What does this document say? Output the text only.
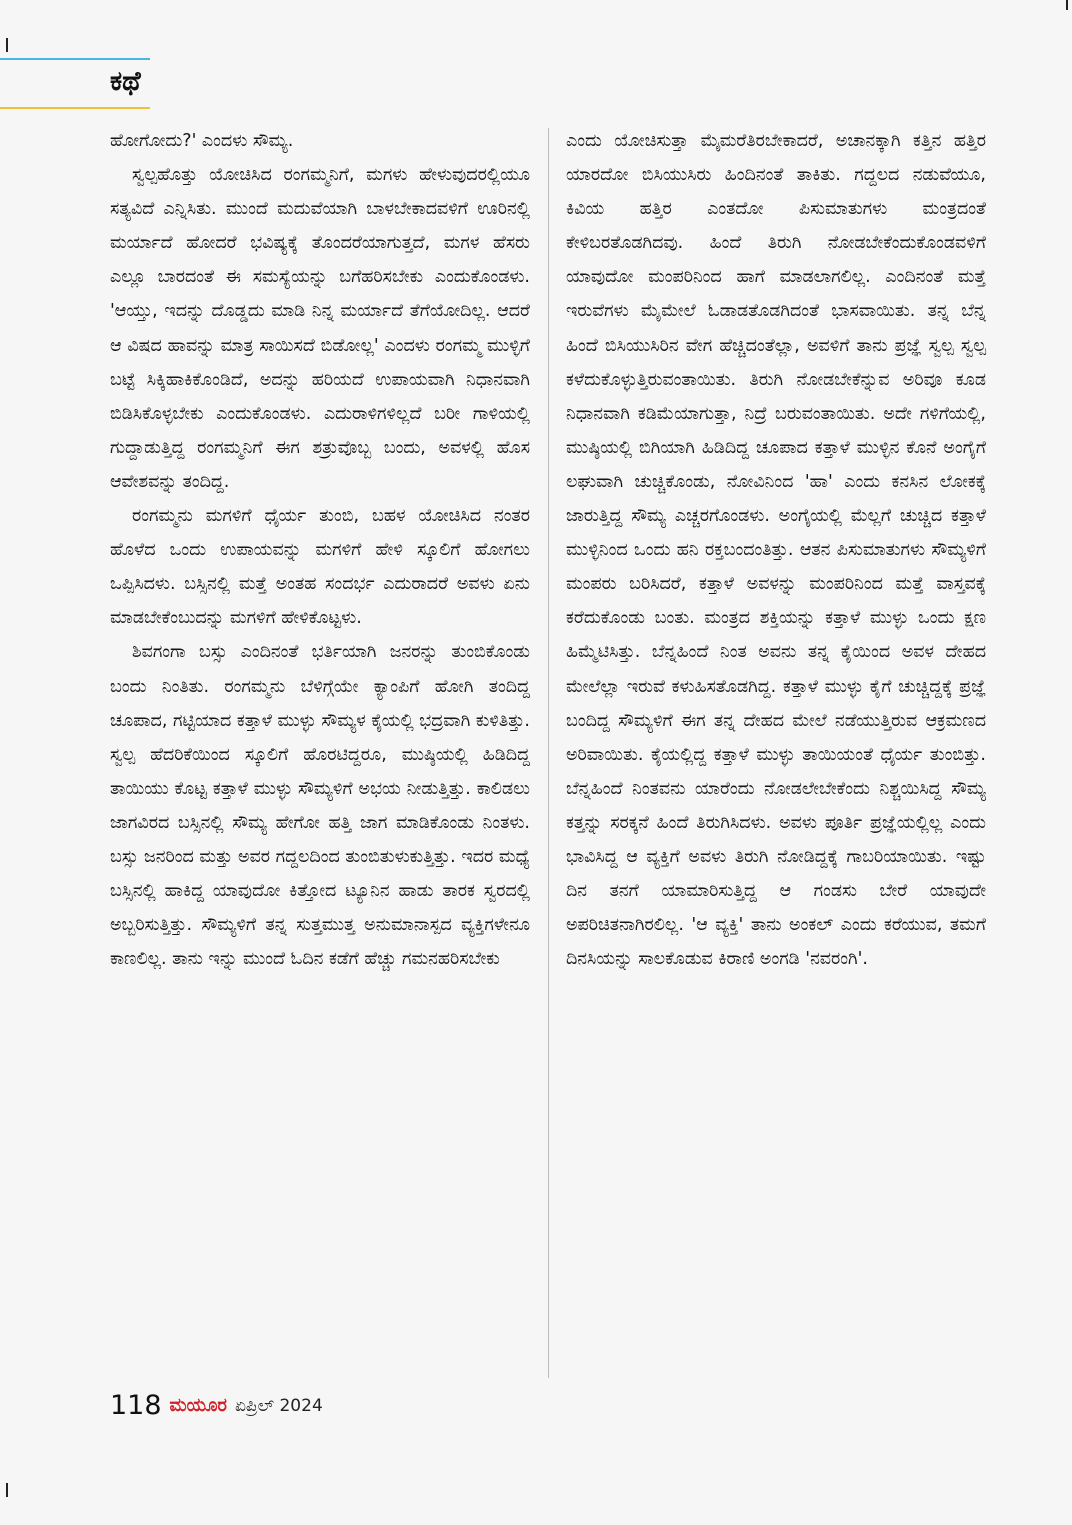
ಕಥೆ

ಹೋಗೋದು?' ಎಂದಳು ಸೌಮ್ಯ.

ಸ್ವಲ್ಪಹೊತ್ತು ಯೋಚಿಸಿದ ರಂಗಮ್ಮನಿಗೆ, ಮಗಳು ಹೇಳುವುದರಲ್ಲಿಯೂ ಸತ್ಯವಿದೆ ಎನ್ನಿಸಿತು. ಮುಂದೆ ಮದುವೆಯಾಗಿ ಬಾಳಬೇಕಾದವಳಿಗೆ ಊರಿನಲ್ಲಿ ಮರ್ಯಾದೆ ಹೋದರೆ ಭವಿಷ್ಯಕ್ಕೆ ತೊಂದರೆಯಾಗುತ್ತದೆ, ಮಗಳ ಹೆಸರು ಎಲ್ಲೂ ಬಾರದಂತೆ ಈ ಸಮಸ್ಯೆಯನ್ನು ಬಗೆಹರಿಸಬೇಕು ಎಂದುಕೊಂಡಳು. 'ಆಯ್ತು, ಇದನ್ನು ದೊಡ್ಡದು ಮಾಡಿ ನಿನ್ನ ಮರ್ಯಾದೆ ತೆಗೆಯೋದಿಲ್ಲ. ಆದರೆ ಆ ವಿಷದ ಹಾವನ್ನು ಮಾತ್ರ ಸಾಯಿಸದೆ ಬಿಡೋಲ್ಲ' ಎಂದಳು ರಂಗಮ್ಮ ಮುಳ್ಳಿಗೆ ಬಟ್ಟೆ ಸಿಕ್ಕಿಹಾಕಿಕೊಂಡಿದೆ, ಅದನ್ನು ಹರಿಯದೆ ಉಪಾಯವಾಗಿ ನಿಧಾನವಾಗಿ ಬಿಡಿಸಿಕೊಳ್ಳಬೇಕು ಎಂದುಕೊಂಡಳು. ಎದುರಾಳಿಗಳಿಲ್ಲದೆ ಬರೀ ಗಾಳಿಯಲ್ಲಿ ಗುದ್ದಾಡುತ್ತಿದ್ದ ರಂಗಮ್ಮನಿಗೆ ಈಗ ಶತ್ರುವೊಬ್ಬ ಬಂದು, ಅವಳಲ್ಲಿ ಹೊಸ ಆವೇಶವನ್ನು ತಂದಿದ್ದ.

ರಂಗಮ್ಮನು ಮಗಳಿಗೆ ಧೈರ್ಯ ತುಂಬಿ, ಬಹಳ ಯೋಚಿಸಿದ ನಂತರ ಹೊಳೆದ ಒಂದು ಉಪಾಯವನ್ನು ಮಗಳಿಗೆ ಹೇಳಿ ಸ್ಕೂಲಿಗೆ ಹೋಗಲು ಒಪ್ಪಿಸಿದಳು. ಬಸ್ಸಿನಲ್ಲಿ ಮತ್ತೆ ಅಂತಹ ಸಂದರ್ಭ ಎದುರಾದರೆ ಅವಳು ಏನು ಮಾಡಬೇಕೆಂಬುದನ್ನು ಮಗಳಿಗೆ ಹೇಳಿಕೊಟ್ಟಳು.

ಶಿವಗಂಗಾ ಬಸ್ಸು ಎಂದಿನಂತೆ ಭರ್ತಿಯಾಗಿ ಜನರನ್ನು ತುಂಬಿಕೊಂಡು ಬಂದು ನಿಂತಿತು. ರಂಗಮ್ಮನು ಬೆಳಿಗ್ಗೆಯೇ ಕ್ಯಾಂಪಿಗೆ ಹೋಗಿ ತಂದಿದ್ದ ಚೂಪಾದ, ಗಟ್ಟಿಯಾದ ಕತ್ತಾಳೆ ಮುಳ್ಳು ಸೌಮ್ಯಳ ಕೈಯಲ್ಲಿ ಭದ್ರವಾಗಿ ಕುಳಿತಿತ್ತು. ಸ್ವಲ್ಪ ಹೆದರಿಕೆಯಿಂದ ಸ್ಕೂಲಿಗೆ ಹೊರಟಿದ್ದರೂ, ಮುಷ್ಠಿಯಲ್ಲಿ ಹಿಡಿದಿದ್ದ ತಾಯಿಯು ಕೊಟ್ಟ ಕತ್ತಾಳೆ ಮುಳ್ಳು ಸೌಮ್ಯಳಿಗೆ ಅಭಯ ನೀಡುತ್ತಿತ್ತು. ಕಾಲಿಡಲು ಜಾಗವಿರದ ಬಸ್ಸಿನಲ್ಲಿ ಸೌಮ್ಯ ಹೇಗೋ ಹತ್ತಿ ಜಾಗ ಮಾಡಿಕೊಂಡು ನಿಂತಳು. ಬಸ್ಸು ಜನರಿಂದ ಮತ್ತು ಅವರ ಗದ್ದಲದಿಂದ ತುಂಬಿತುಳುಕುತ್ತಿತ್ತು. ಇದರ ಮಧ್ಯೆ ಬಸ್ಸಿನಲ್ಲಿ ಹಾಕಿದ್ದ ಯಾವುದೋ ಕಿತ್ತೋದ ಟ್ಯೂನಿನ ಹಾಡು ತಾರಕ ಸ್ವರದಲ್ಲಿ ಅಬ್ಬರಿಸುತ್ತಿತ್ತು. ಸೌಮ್ಯಳಿಗೆ ತನ್ನ ಸುತ್ತಮುತ್ತ ಅನುಮಾನಾಸ್ಪದ ವ್ಯಕ್ತಿಗಳೇನೂ ಕಾಣಲಿಲ್ಲ. ತಾನು ಇನ್ನು ಮುಂದೆ ಓದಿನ ಕಡೆಗೆ ಹೆಚ್ಚು ಗಮನಹರಿಸಬೇಕು

ಎಂದು ಯೋಚಿಸುತ್ತಾ ಮೈಮರೆತಿರಬೇಕಾದರೆ, ಅಚಾನಕ್ಕಾಗಿ ಕತ್ತಿನ ಹತ್ತಿರ ಯಾರದೋ ಬಿಸಿಯುಸಿರು ಹಿಂದಿನಂತೆ ತಾಕಿತು. ಗದ್ದಲದ ನಡುವೆಯೂ, ಕಿವಿಯ ಹತ್ತಿರ ಎಂತದೋ ಪಿಸುಮಾತುಗಳು ಮಂತ್ರದಂತೆ ಕೇಳಿಬರತೊಡಗಿದವು. ಹಿಂದೆ ತಿರುಗಿ ನೋಡಬೇಕೆಂದುಕೊಂಡವಳಿಗೆ ಯಾವುದೋ ಮಂಪರಿನಿಂದ ಹಾಗೆ ಮಾಡಲಾಗಲಿಲ್ಲ. ಎಂದಿನಂತೆ ಮತ್ತೆ ಇರುವೆಗಳು ಮೈಮೇಲೆ ಓಡಾಡತೊಡಗಿದಂತೆ ಭಾಸವಾಯಿತು. ತನ್ನ ಬೆನ್ನ ಹಿಂದೆ ಬಿಸಿಯುಸಿರಿನ ವೇಗ ಹೆಚ್ಚಿದಂತೆಲ್ಲಾ, ಅವಳಿಗೆ ತಾನು ಪ್ರಜ್ಞೆ ಸ್ವಲ್ಪ ಸ್ವಲ್ಪ ಕಳೆದುಕೊಳ್ಳುತ್ತಿರುವಂತಾಯಿತು. ತಿರುಗಿ ನೋಡಬೇಕೆನ್ನುವ ಅರಿವೂ ಕೂಡ ನಿಧಾನವಾಗಿ ಕಡಿಮೆಯಾಗುತ್ತಾ, ನಿದ್ರೆ ಬರುವಂತಾಯಿತು. ಅದೇ ಗಳಿಗೆಯಲ್ಲಿ, ಮುಷ್ಠಿಯಲ್ಲಿ ಬಿಗಿಯಾಗಿ ಹಿಡಿದಿದ್ದ ಚೂಪಾದ ಕತ್ತಾಳೆ ಮುಳ್ಳಿನ ಕೊನೆ ಅಂಗೈಗೆ ಲಘುವಾಗಿ ಚುಚ್ಚಿಕೊಂಡು, ನೋವಿನಿಂದ 'ಹಾ' ಎಂದು ಕನಸಿನ ಲೋಕಕ್ಕೆ ಜಾರುತ್ತಿದ್ದ ಸೌಮ್ಯ ಎಚ್ಚರಗೊಂಡಳು. ಅಂಗೈಯಲ್ಲಿ ಮೆಲ್ಲಗೆ ಚುಚ್ಚಿದ ಕತ್ತಾಳೆ ಮುಳ್ಳಿನಿಂದ ಒಂದು ಹನಿ ರಕ್ತಬಂದಂತಿತ್ತು. ಆತನ ಪಿಸುಮಾತುಗಳು ಸೌಮ್ಯಳಿಗೆ ಮಂಪರು ಬರಿಸಿದರೆ, ಕತ್ತಾಳೆ ಅವಳನ್ನು ಮಂಪರಿನಿಂದ ಮತ್ತೆ ವಾಸ್ತವಕ್ಕೆ ಕರೆದುಕೊಂಡು ಬಂತು. ಮಂತ್ರದ ಶಕ್ತಿಯನ್ನು ಕತ್ತಾಳೆ ಮುಳ್ಳು ಒಂದು ಕ್ಷಣ ಹಿಮ್ಮೆಟಿಸಿತ್ತು. ಬೆನ್ನಹಿಂದೆ ನಿಂತ ಅವನು ತನ್ನ ಕೈಯಿಂದ ಅವಳ ದೇಹದ ಮೇಲೆಲ್ಲಾ ಇರುವೆ ಕಳುಹಿಸತೊಡಗಿದ್ದ. ಕತ್ತಾಳೆ ಮುಳ್ಳು ಕೈಗೆ ಚುಚ್ಚಿದ್ದಕ್ಕೆ ಪ್ರಜ್ಞೆ ಬಂದಿದ್ದ ಸೌಮ್ಯಳಿಗೆ ಈಗ ತನ್ನ ದೇಹದ ಮೇಲೆ ನಡೆಯುತ್ತಿರುವ ಆಕ್ರಮಣದ ಅರಿವಾಯಿತು. ಕೈಯಲ್ಲಿದ್ದ ಕತ್ತಾಳೆ ಮುಳ್ಳು ತಾಯಿಯಂತೆ ಧೈರ್ಯ ತುಂಬಿತ್ತು. ಬೆನ್ನಹಿಂದೆ ನಿಂತವನು ಯಾರೆಂದು ನೋಡಲೇಬೇಕೆಂದು ನಿಶ್ಚಯಿಸಿದ್ದ ಸೌಮ್ಯ ಕತ್ತನ್ನು ಸರಕ್ಕನೆ ಹಿಂದೆ ತಿರುಗಿಸಿದಳು. ಅವಳು ಪೂರ್ತಿ ಪ್ರಜ್ಞೆಯಲ್ಲಿಲ್ಲ ಎಂದು ಭಾವಿಸಿದ್ದ ಆ ವ್ಯಕ್ತಿಗೆ ಅವಳು ತಿರುಗಿ ನೋಡಿದ್ದಕ್ಕೆ ಗಾಬರಿಯಾಯಿತು. ಇಷ್ಟು ದಿನ ತನಗೆ ಯಾಮಾರಿಸುತ್ತಿದ್ದ ಆ ಗಂಡಸು ಬೇರೆ ಯಾವುದೇ ಅಪರಿಚಿತನಾಗಿರಲಿಲ್ಲ. 'ಆ ವ್ಯಕ್ತಿ' ತಾನು ಅಂಕಲ್ ಎಂದು ಕರೆಯುವ, ತಮಗೆ ದಿನಸಿಯನ್ನು ಸಾಲಕೊಡುವ ಕಿರಾಣಿ ಅಂಗಡಿ 'ನವರಂಗಿ'.

118 ಮಯೂರ ಏಪ್ರಿಲ್ 2024
